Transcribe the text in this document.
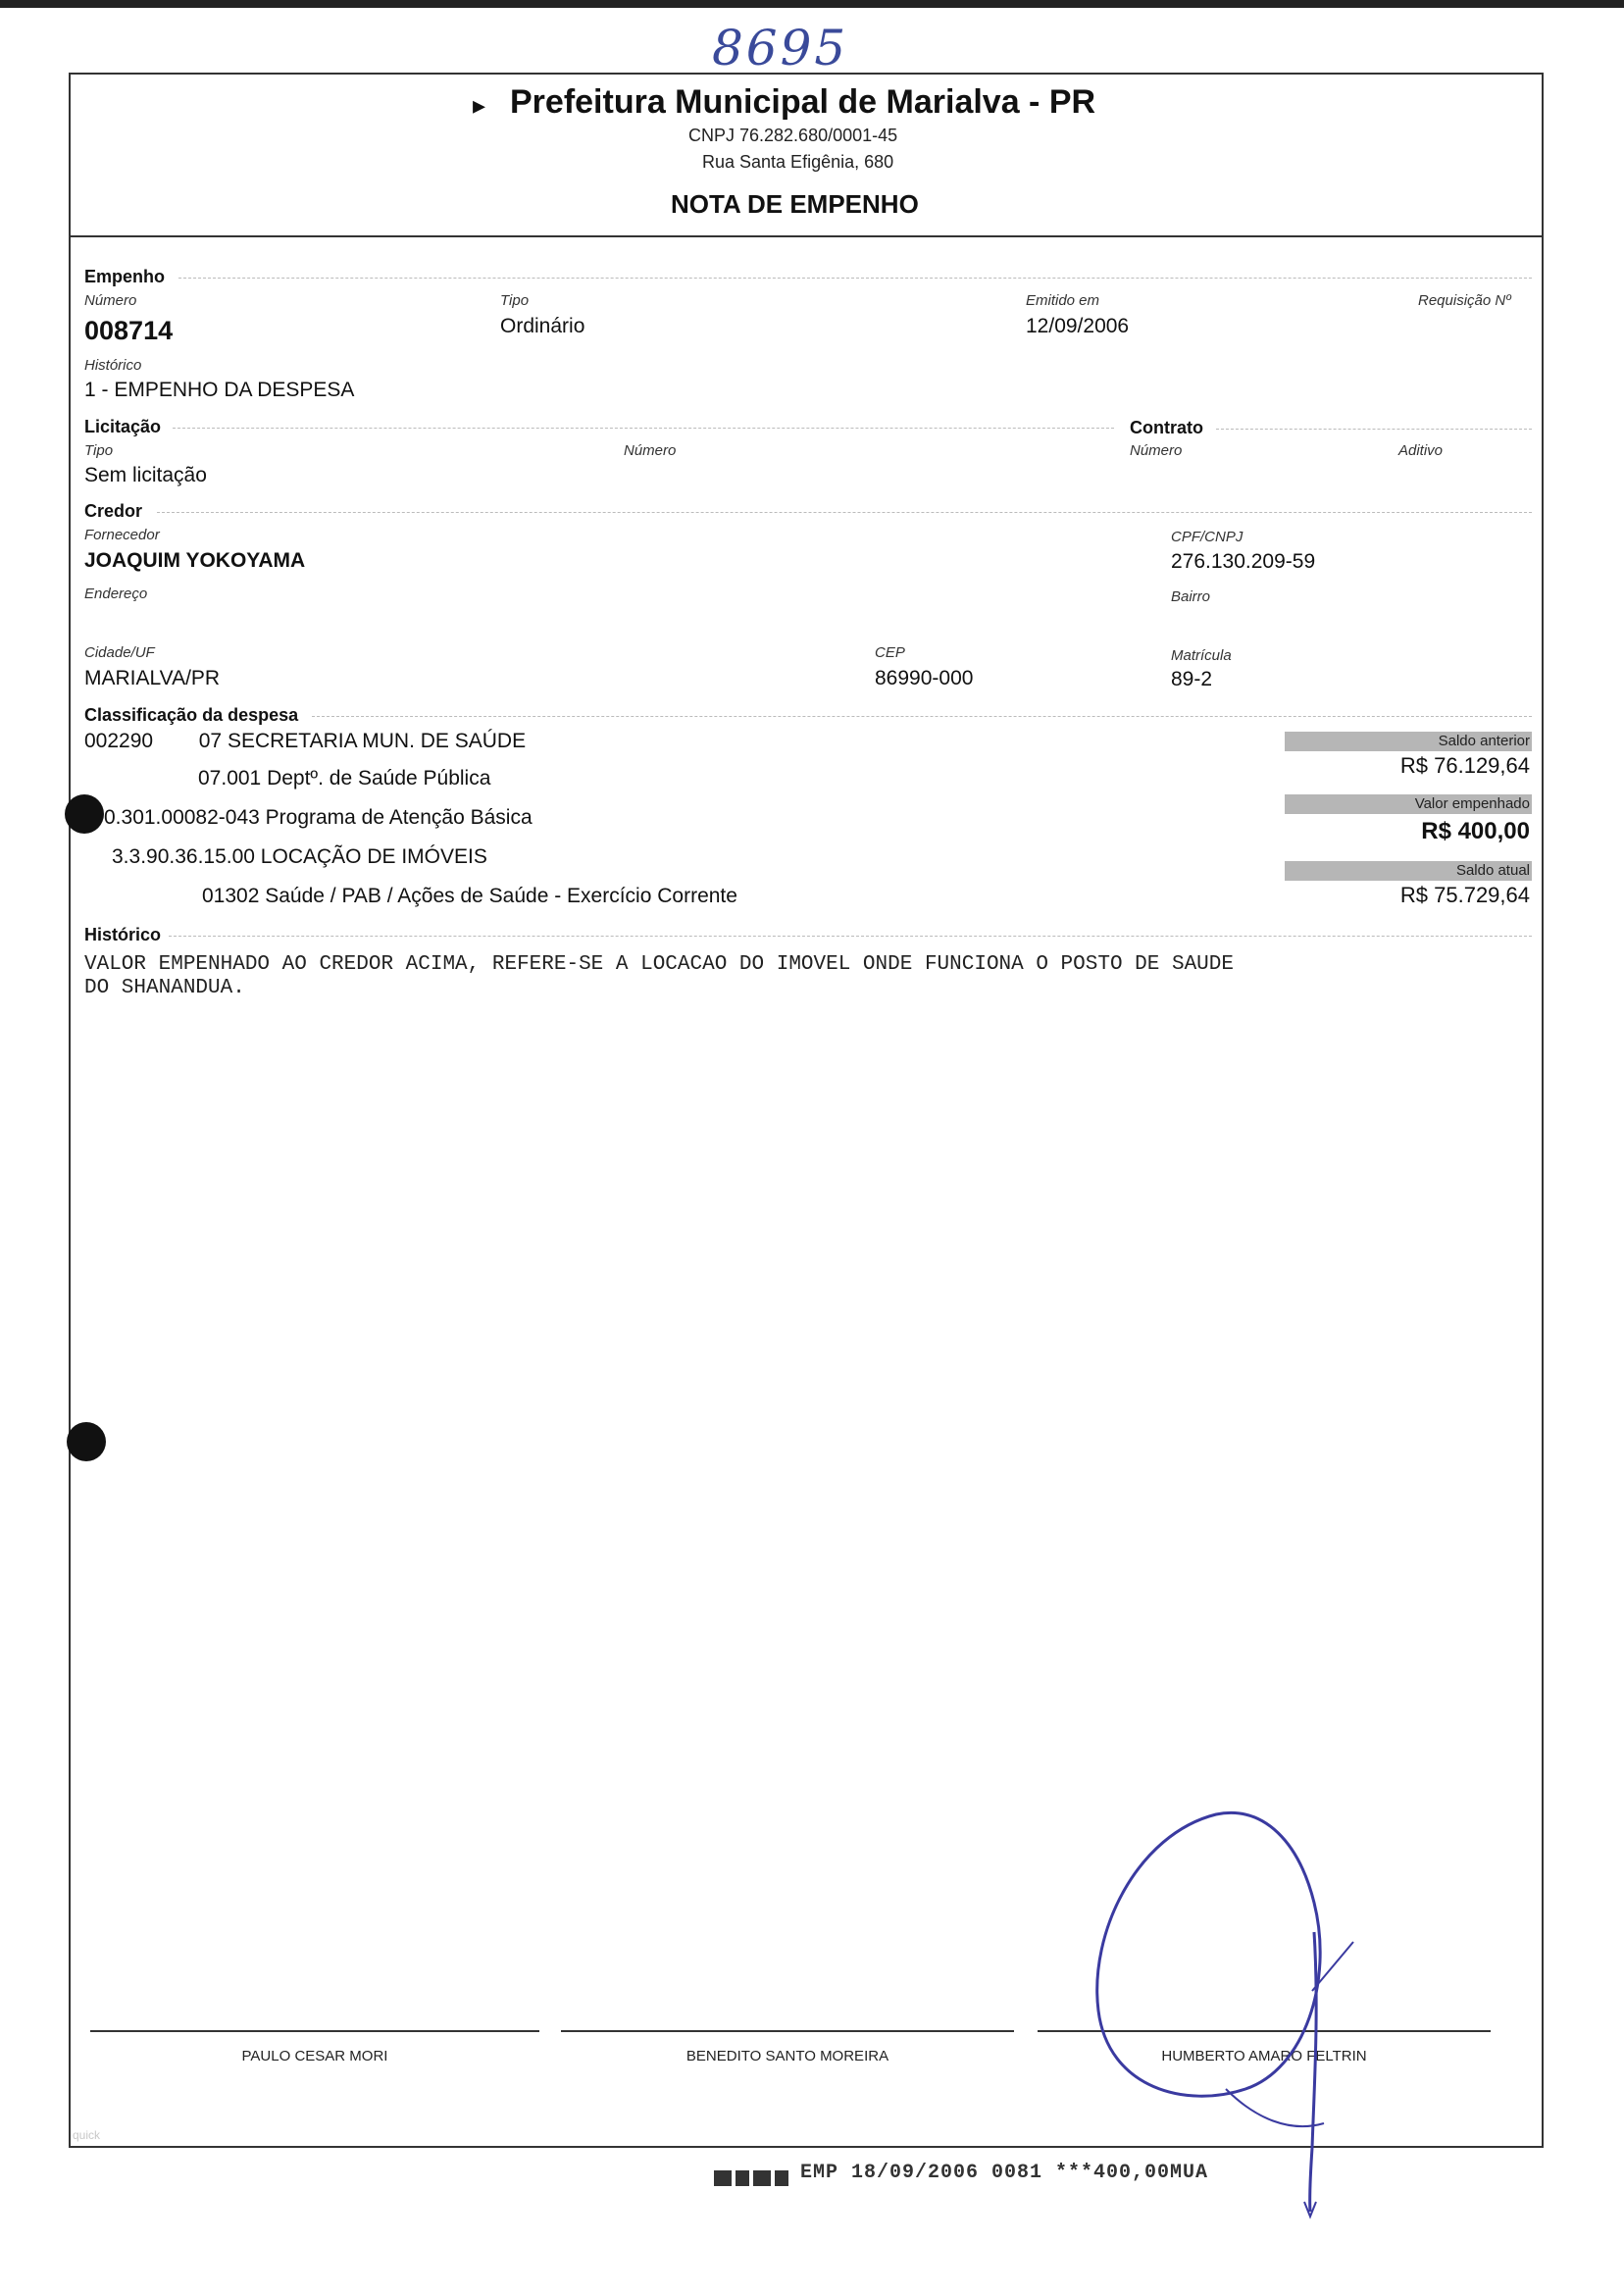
8695
▸ Prefeitura Municipal de Marialva - PR
CNPJ 76.282.680/0001-45
Rua Santa Efigênia, 680
NOTA DE EMPENHO
Empenho
Número
008714
Tipo
Ordinário
Emitido em
12/09/2006
Requisição Nº
Histórico
1 - EMPENHO DA DESPESA
Licitação
Tipo
Sem licitação
Número
Contrato
Número	Aditivo
Credor
Fornecedor
JOAQUIM YOKOYAMA
CPF/CNPJ
276.130.209-59
Endereço	Bairro
Cidade/UF
MARIALVA/PR
CEP
86990-000
Matrícula
89-2
Classificação da despesa
002290        07 SECRETARIA MUN. DE SAÚDE
07.001 Deptº. de Saúde Pública
0.301.00082-043 Programa de Atenção Básica
3.3.90.36.15.00 LOCAÇÃO DE IMÓVEIS
01302 Saúde / PAB / Ações de Saúde - Exercício Corrente
Saldo anterior
R$ 76.129,64
Valor empenhado
R$ 400,00
Saldo atual
R$ 75.729,64
Histórico
VALOR EMPENHADO AO CREDOR ACIMA, REFERE-SE A LOCACAO DO IMOVEL ONDE FUNCIONA O POSTO DE SAUDE
DO SHANANDUA.
PAULO CESAR MORI	BENEDITO SANTO MOREIRA	HUMBERTO AMARO FELTRIN
quick
EMP 18/09/2006 0081 ***400,00MUA
